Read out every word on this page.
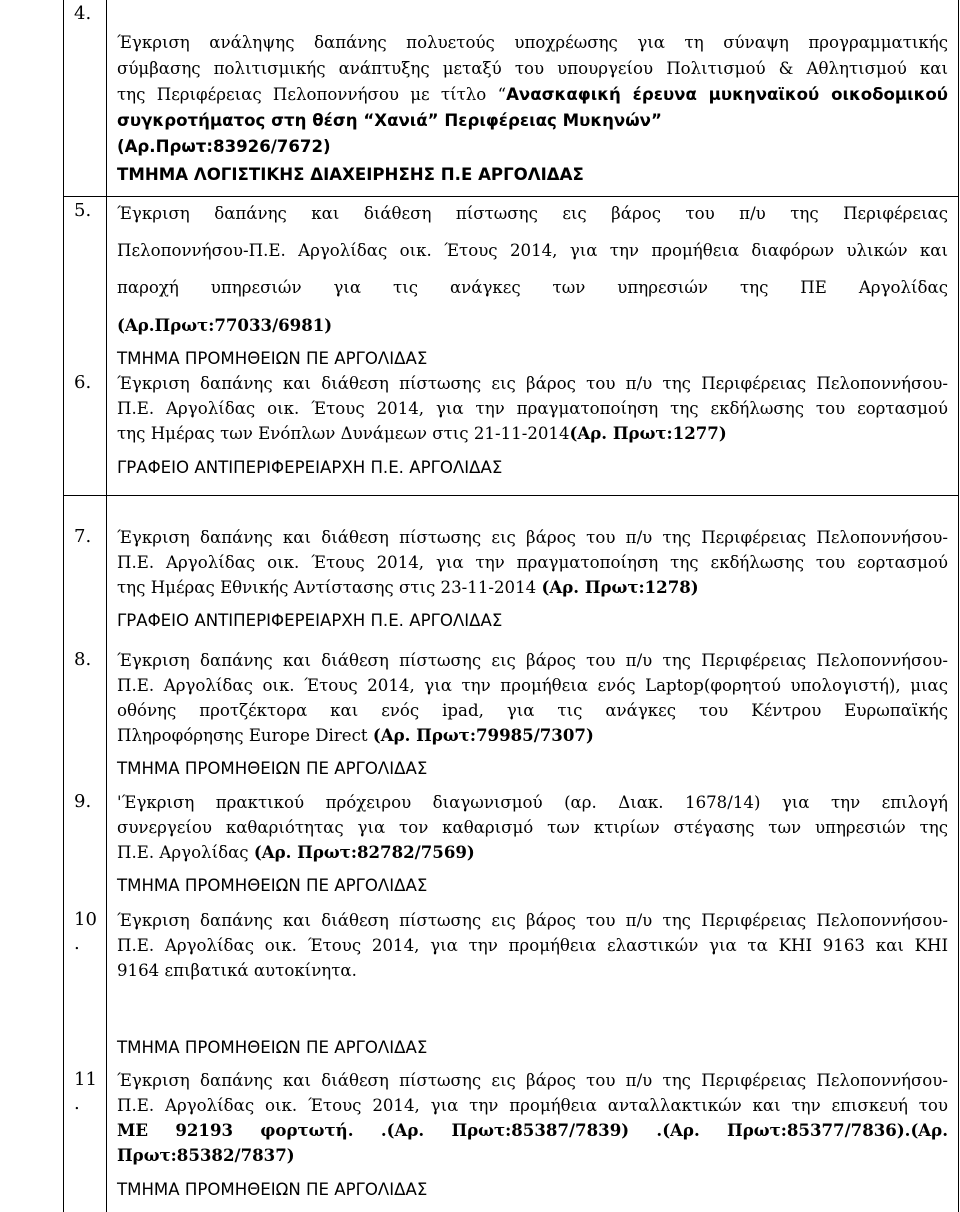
4.

Έγκριση ανάληψης δαπάνης πολυετούς υποχρέωσης για τη σύναψη προγραμματικής

σύμβασης πολιτισμικής ανάπτυξης μεταξύ του υπουργείου Πολιτισμού & Αθλητισμού και

της Περιφέρειας Πελοποννήσου με τίτλο “Ανασκαφική έρευνα μυκηναϊκού οικοδομικού

συγκροτήματος στη θέση “Χανιά” Περιφέρειας Μυκηνών”

(Αρ.Πρωτ:83926/7672)

ΤΜΗΜΑ ΛΟΓΙΣΤΙΚΗΣ ΔΙΑΧΕΙΡΗΣΗΣ Π.Ε ΑΡΓΟΛΙΔΑΣ

5. Έγκριση δαπάνης και διάθεση πίστωσης εις βάρος του π/υ της Περιφέρειας

Πελοποννήσου-Π.Ε. Αργολίδας οικ. Έτους 2014, για την προμήθεια διαφόρων υλικών και

παροχή υπηρεσιών για τις ανάγκες των υπηρεσιών της ΠΕ Αργολίδας

(Αρ.Πρωτ:77033/6981)

ΤΜΗΜΑ ΠΡΟΜΗΘΕΙΩΝ ΠΕ ΑΡΓΟΛΙΔΑΣ

6. Έγκριση δαπάνης και διάθεση πίστωσης εις βάρος του π/υ της Περιφέρειας Πελοποννήσου-

Π.Ε. Αργολίδας οικ. Έτους 2014, για την πραγματοποίηση της εκδήλωσης του εορτασμού

της Ημέρας των Ενόπλων Δυνάμεων στις 21-11-2014(Αρ. Πρωτ:1277)

ΓΡΑΦΕΙΟ ΑΝΤΙΠΕΡΙΦΕΡΕΙΑΡΧΗ Π.Ε. ΑΡΓΟΛΙΔΑΣ

7. Έγκριση δαπάνης και διάθεση πίστωσης εις βάρος του π/υ της Περιφέρειας Πελοποννήσου-

Π.Ε. Αργολίδας οικ. Έτους 2014, για την πραγματοποίηση της εκδήλωσης του εορτασμού

της Ημέρας Εθνικής Αντίστασης στις 23-11-2014 (Αρ. Πρωτ:1278)

ΓΡΑΦΕΙΟ ΑΝΤΙΠΕΡΙΦΕΡΕΙΑΡΧΗ Π.Ε. ΑΡΓΟΛΙΔΑΣ

8. Έγκριση δαπάνης και διάθεση πίστωσης εις βάρος του π/υ της Περιφέρειας Πελοποννήσου-

Π.Ε. Αργολίδας οικ. Έτους 2014, για την προμήθεια ενός Laptop(φορητού υπολογιστή), μιας

οθόνης προτζέκτορα και ενός ipad, για τις ανάγκες του Κέντρου Ευρωπαϊκής

Πληροφόρησης Europe Direct (Αρ. Πρωτ:79985/7307)

ΤΜΗΜΑ ΠΡΟΜΗΘΕΙΩΝ ΠΕ ΑΡΓΟΛΙΔΑΣ

9. 'Έγκριση πρακτικού πρόχειρου διαγωνισμού (αρ. Διακ. 1678/14) για την επιλογή

συνεργείου καθαριότητας για τον καθαρισμό των κτιρίων στέγασης των υπηρεσιών της

Π.Ε. Αργολίδας (Αρ. Πρωτ:82782/7569)

ΤΜΗΜΑ ΠΡΟΜΗΘΕΙΩΝ ΠΕ ΑΡΓΟΛΙΔΑΣ

10
.

Έγκριση δαπάνης και διάθεση πίστωσης εις βάρος του π/υ της Περιφέρειας Πελοποννήσου-

Π.Ε. Αργολίδας οικ. Έτους 2014, για την προμήθεια ελαστικών για τα ΚΗΙ 9163 και ΚΗΙ

9164 επιβατικά αυτοκίνητα.

ΤΜΗΜΑ ΠΡΟΜΗΘΕΙΩΝ ΠΕ ΑΡΓΟΛΙΔΑΣ

11
.

Έγκριση δαπάνης και διάθεση πίστωσης εις βάρος του π/υ της Περιφέρειας Πελοποννήσου-

Π.Ε. Αργολίδας οικ. Έτους 2014, για την προμήθεια ανταλλακτικών και την επισκευή του

ΜΕ 92193 φορτωτή. .(Αρ. Πρωτ:85387/7839) .(Αρ. Πρωτ:85377/7836).(Αρ.

Πρωτ:85382/7837)

ΤΜΗΜΑ ΠΡΟΜΗΘΕΙΩΝ ΠΕ ΑΡΓΟΛΙΔΑΣ
